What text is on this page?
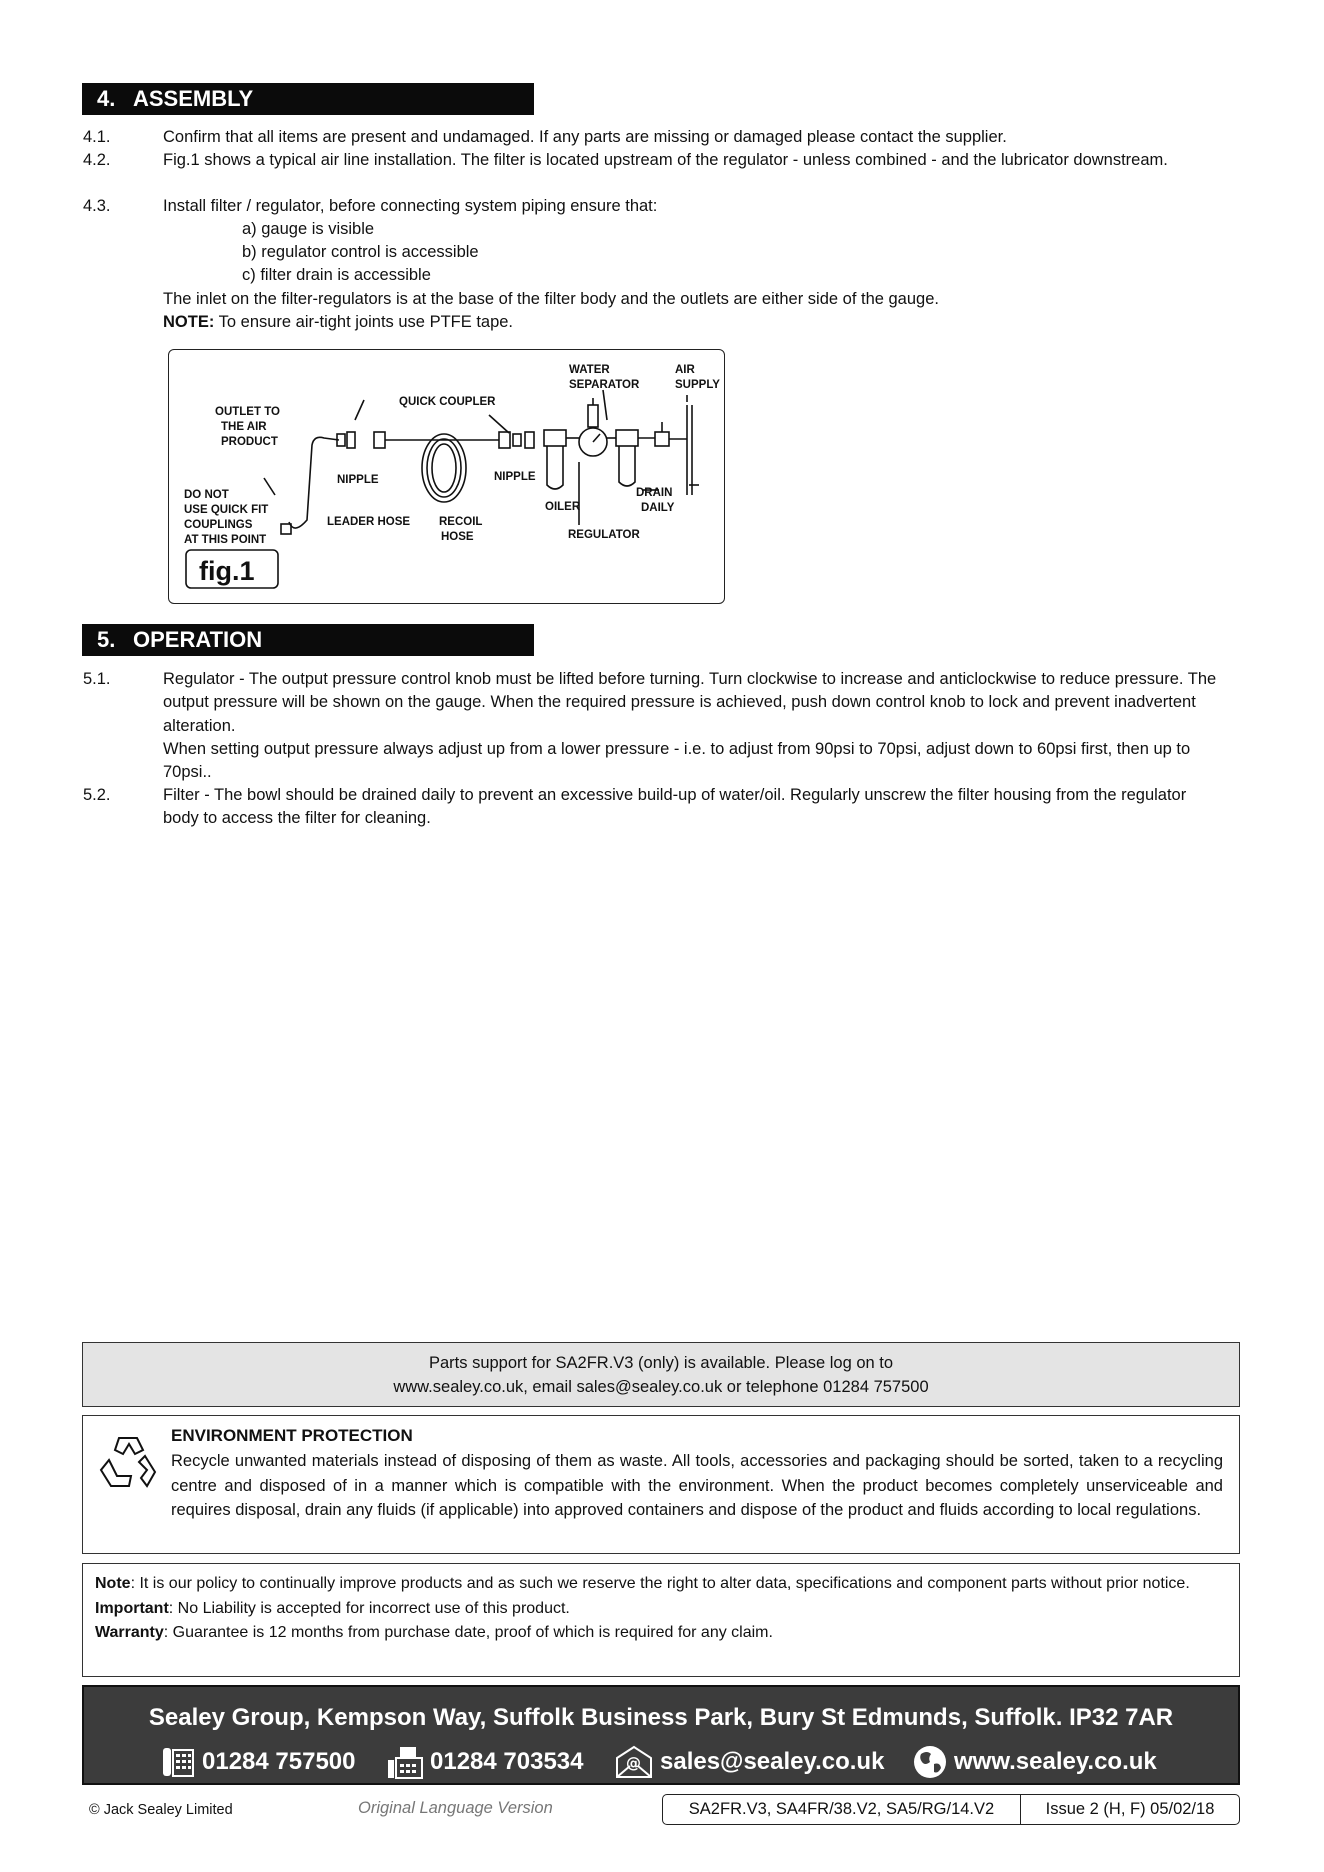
4. ASSEMBLY
4.1.	Confirm that all items are present and undamaged. If any parts are missing or damaged please contact the supplier.
4.2.	Fig.1 shows a typical air line installation. The filter is located upstream of the regulator - unless combined - and the lubricator downstream.
4.3.	Install filter / regulator, before connecting system piping ensure that:
a) gauge is visible
b) regulator control is accessible
c) filter drain is accessible
The inlet on the filter-regulators is at the base of the filter body and the outlets are either side of the gauge.
NOTE: To ensure air-tight joints use PTFE tape.
OUTLET TO
THE AIR
PRODUCT
QUICK COUPLER
WATER
SEPARATOR
AIR
SUPPLY
NIPPLE	NIPPLE
DO NOT
USE QUICK FIT
COUPLINGS
AT THIS POINT
LEADER HOSE	RECOIL
HOSE
OILER
DRAIN
DAILY
REGULATOR
fig.1
5. OPERATION
5.1.	Regulator - The output pressure control knob must be lifted before turning. Turn clockwise to increase and anticlockwise to reduce pressure. The output pressure will be shown on the gauge. When the required pressure is achieved, push down control knob to lock and prevent inadvertent alteration.
When setting output pressure always adjust up from a lower pressure - i.e. to adjust from 90psi to 70psi, adjust down to 60psi first, then up to 70psi..
5.2.	Filter - The bowl should be drained daily to prevent an excessive build-up of water/oil. Regularly unscrew the filter housing from the regulator body to access the filter for cleaning.
Parts support for SA2FR.V3 (only) is available. Please log on to
www.sealey.co.uk, email sales@sealey.co.uk or telephone 01284 757500
ENVIRONMENT PROTECTION
Recycle unwanted materials instead of disposing of them as waste. All tools, accessories and packaging should be sorted, taken to a recycling centre and disposed of in a manner which is compatible with the environment. When the product becomes completely unserviceable and requires disposal, drain any fluids (if applicable) into approved containers and dispose of the product and fluids according to local regulations.
Note: It is our policy to continually improve products and as such we reserve the right to alter data, specifications and component parts without prior notice.
Important: No Liability is accepted for incorrect use of this product.
Warranty: Guarantee is 12 months from purchase date, proof of which is required for any claim.
Sealey Group, Kempson Way, Suffolk Business Park, Bury St Edmunds, Suffolk. IP32 7AR
01284 757500	01284 703534	@ sales@sealey.co.uk	www.sealey.co.uk
© Jack Sealey Limited	Original Language Version	SA2FR.V3, SA4FR/38.V2, SA5/RG/14.V2	Issue 2 (H, F) 05/02/18
